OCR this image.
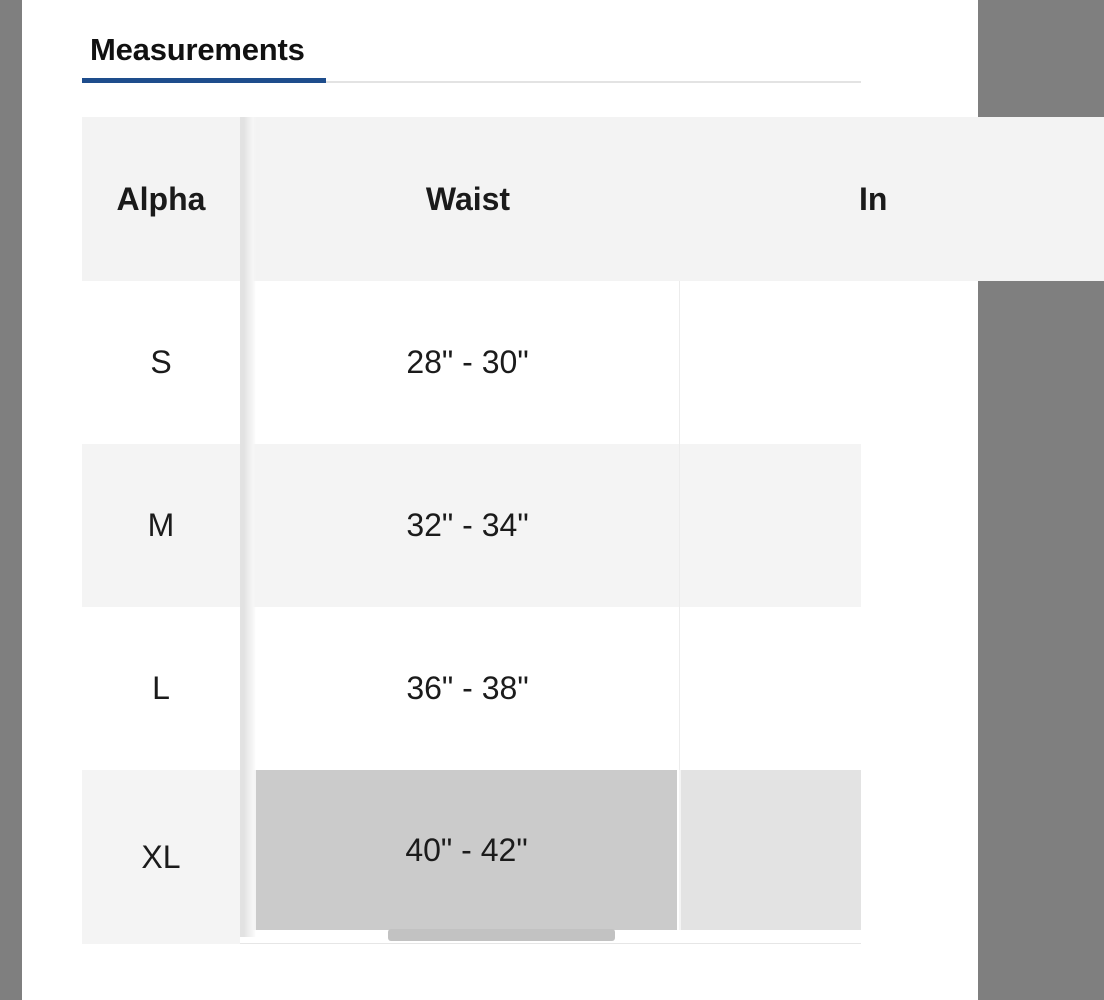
Measurements
Waist	In
28" - 30"
32" - 34"
36" - 38"
40" - 42"
Alpha
S
M
L
XL
